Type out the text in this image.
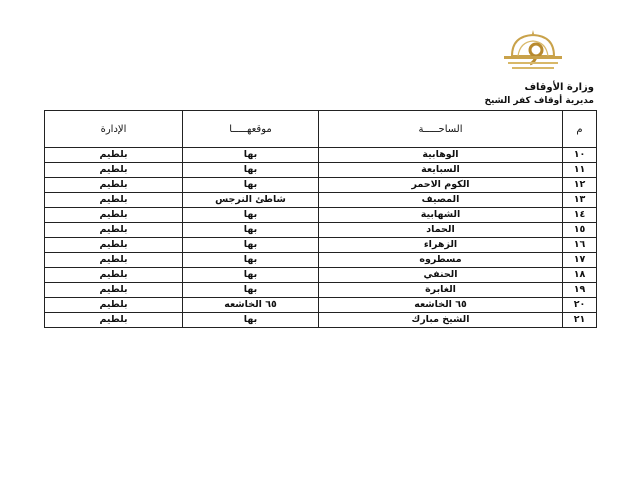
وزارة الأوقاف
مديرية أوقاف كفر الشيخ
م	الساحـــــة	موقعهـــــا	الإدارة
١٠	الوهابية	بها	بلطيم
١١	السبايعة	بها	بلطيم
١٢	الكوم الاحمر	بها	بلطيم
١٣	المصيف	شاطئ النرجس	بلطيم
١٤	الشهابية	بها	بلطيم
١٥	الحماد	بها	بلطيم
١٦	الزهراء	بها	بلطيم
١٧	مسطروه	بها	بلطيم
١٨	الحنفي	بها	بلطيم
١٩	الغابرة	بها	بلطيم
٢٠	٦٥ الخاشعه	٦٥ الخاشعه	بلطيم
٢١	الشيخ مبارك	بها	بلطيم
